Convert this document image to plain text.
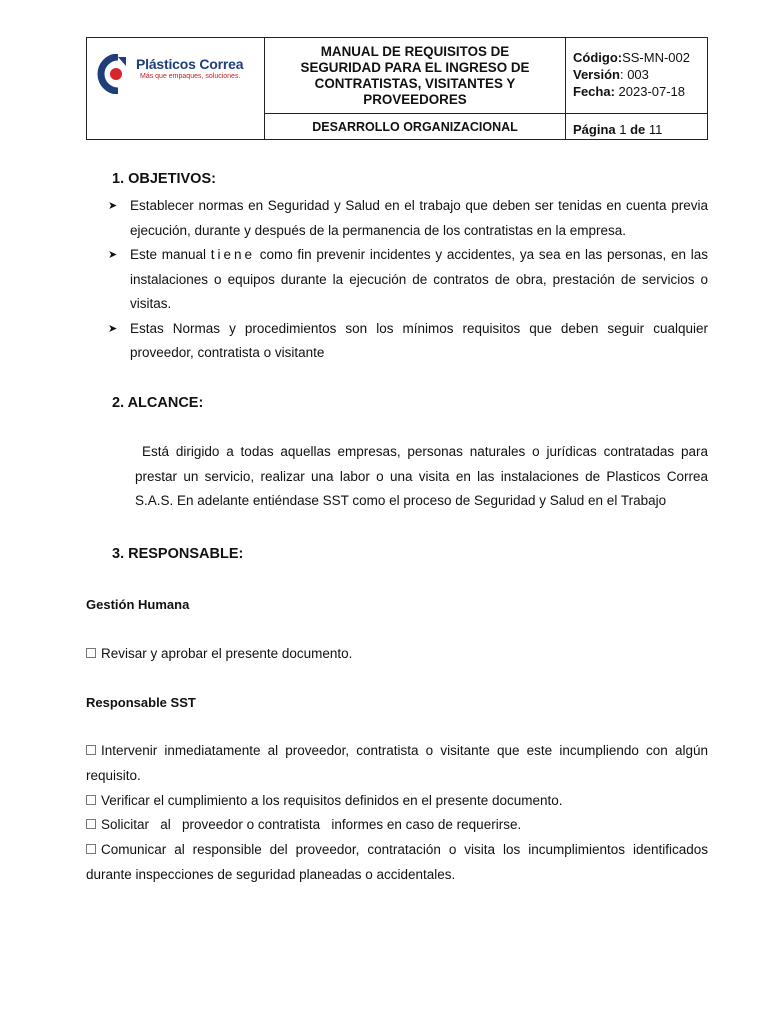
Plásticos Correa
Más que empaques, soluciones.
MANUAL DE REQUISITOS DE
SEGURIDAD PARA EL INGRESO DE
CONTRATISTAS, VISITANTES Y
PROVEEDORES
DESARROLLO ORGANIZACIONAL
Código:SS-MN-002
Versión: 003
Fecha: 2023-07-18
Página 1 de 11
1. OBJETIVOS:
➤ Establecer normas en Seguridad y Salud en el trabajo que deben ser tenidas en cuenta previa ejecución, durante y después de la permanencia de los contratistas en la empresa.
➤ Este manual tiene como fin prevenir incidentes y accidentes, ya sea en las personas, en las instalaciones o equipos durante la ejecución de contratos de obra, prestación de servicios o visitas.
➤ Estas Normas y procedimientos son los mínimos requisitos que deben seguir cualquier proveedor, contratista o visitante
2. ALCANCE:
Está dirigido a todas aquellas empresas, personas naturales o jurídicas contratadas para prestar un servicio, realizar una labor o una visita en las instalaciones de Plasticos Correa S.A.S. En adelante entiéndase SST como el proceso de Seguridad y Salud en el Trabajo
3. RESPONSABLE:
Gestión Humana
Revisar y aprobar el presente documento.
Responsable SST
Intervenir inmediatamente al proveedor, contratista o visitante que este incumpliendo con algún requisito.
Verificar el cumplimiento a los requisitos definidos en el presente documento.
Solicitar   al   proveedor o contratista   informes en caso de requerirse.
Comunicar al responsible del proveedor, contratación o visita los incumplimientos identificados durante inspecciones de seguridad planeadas o accidentales.
